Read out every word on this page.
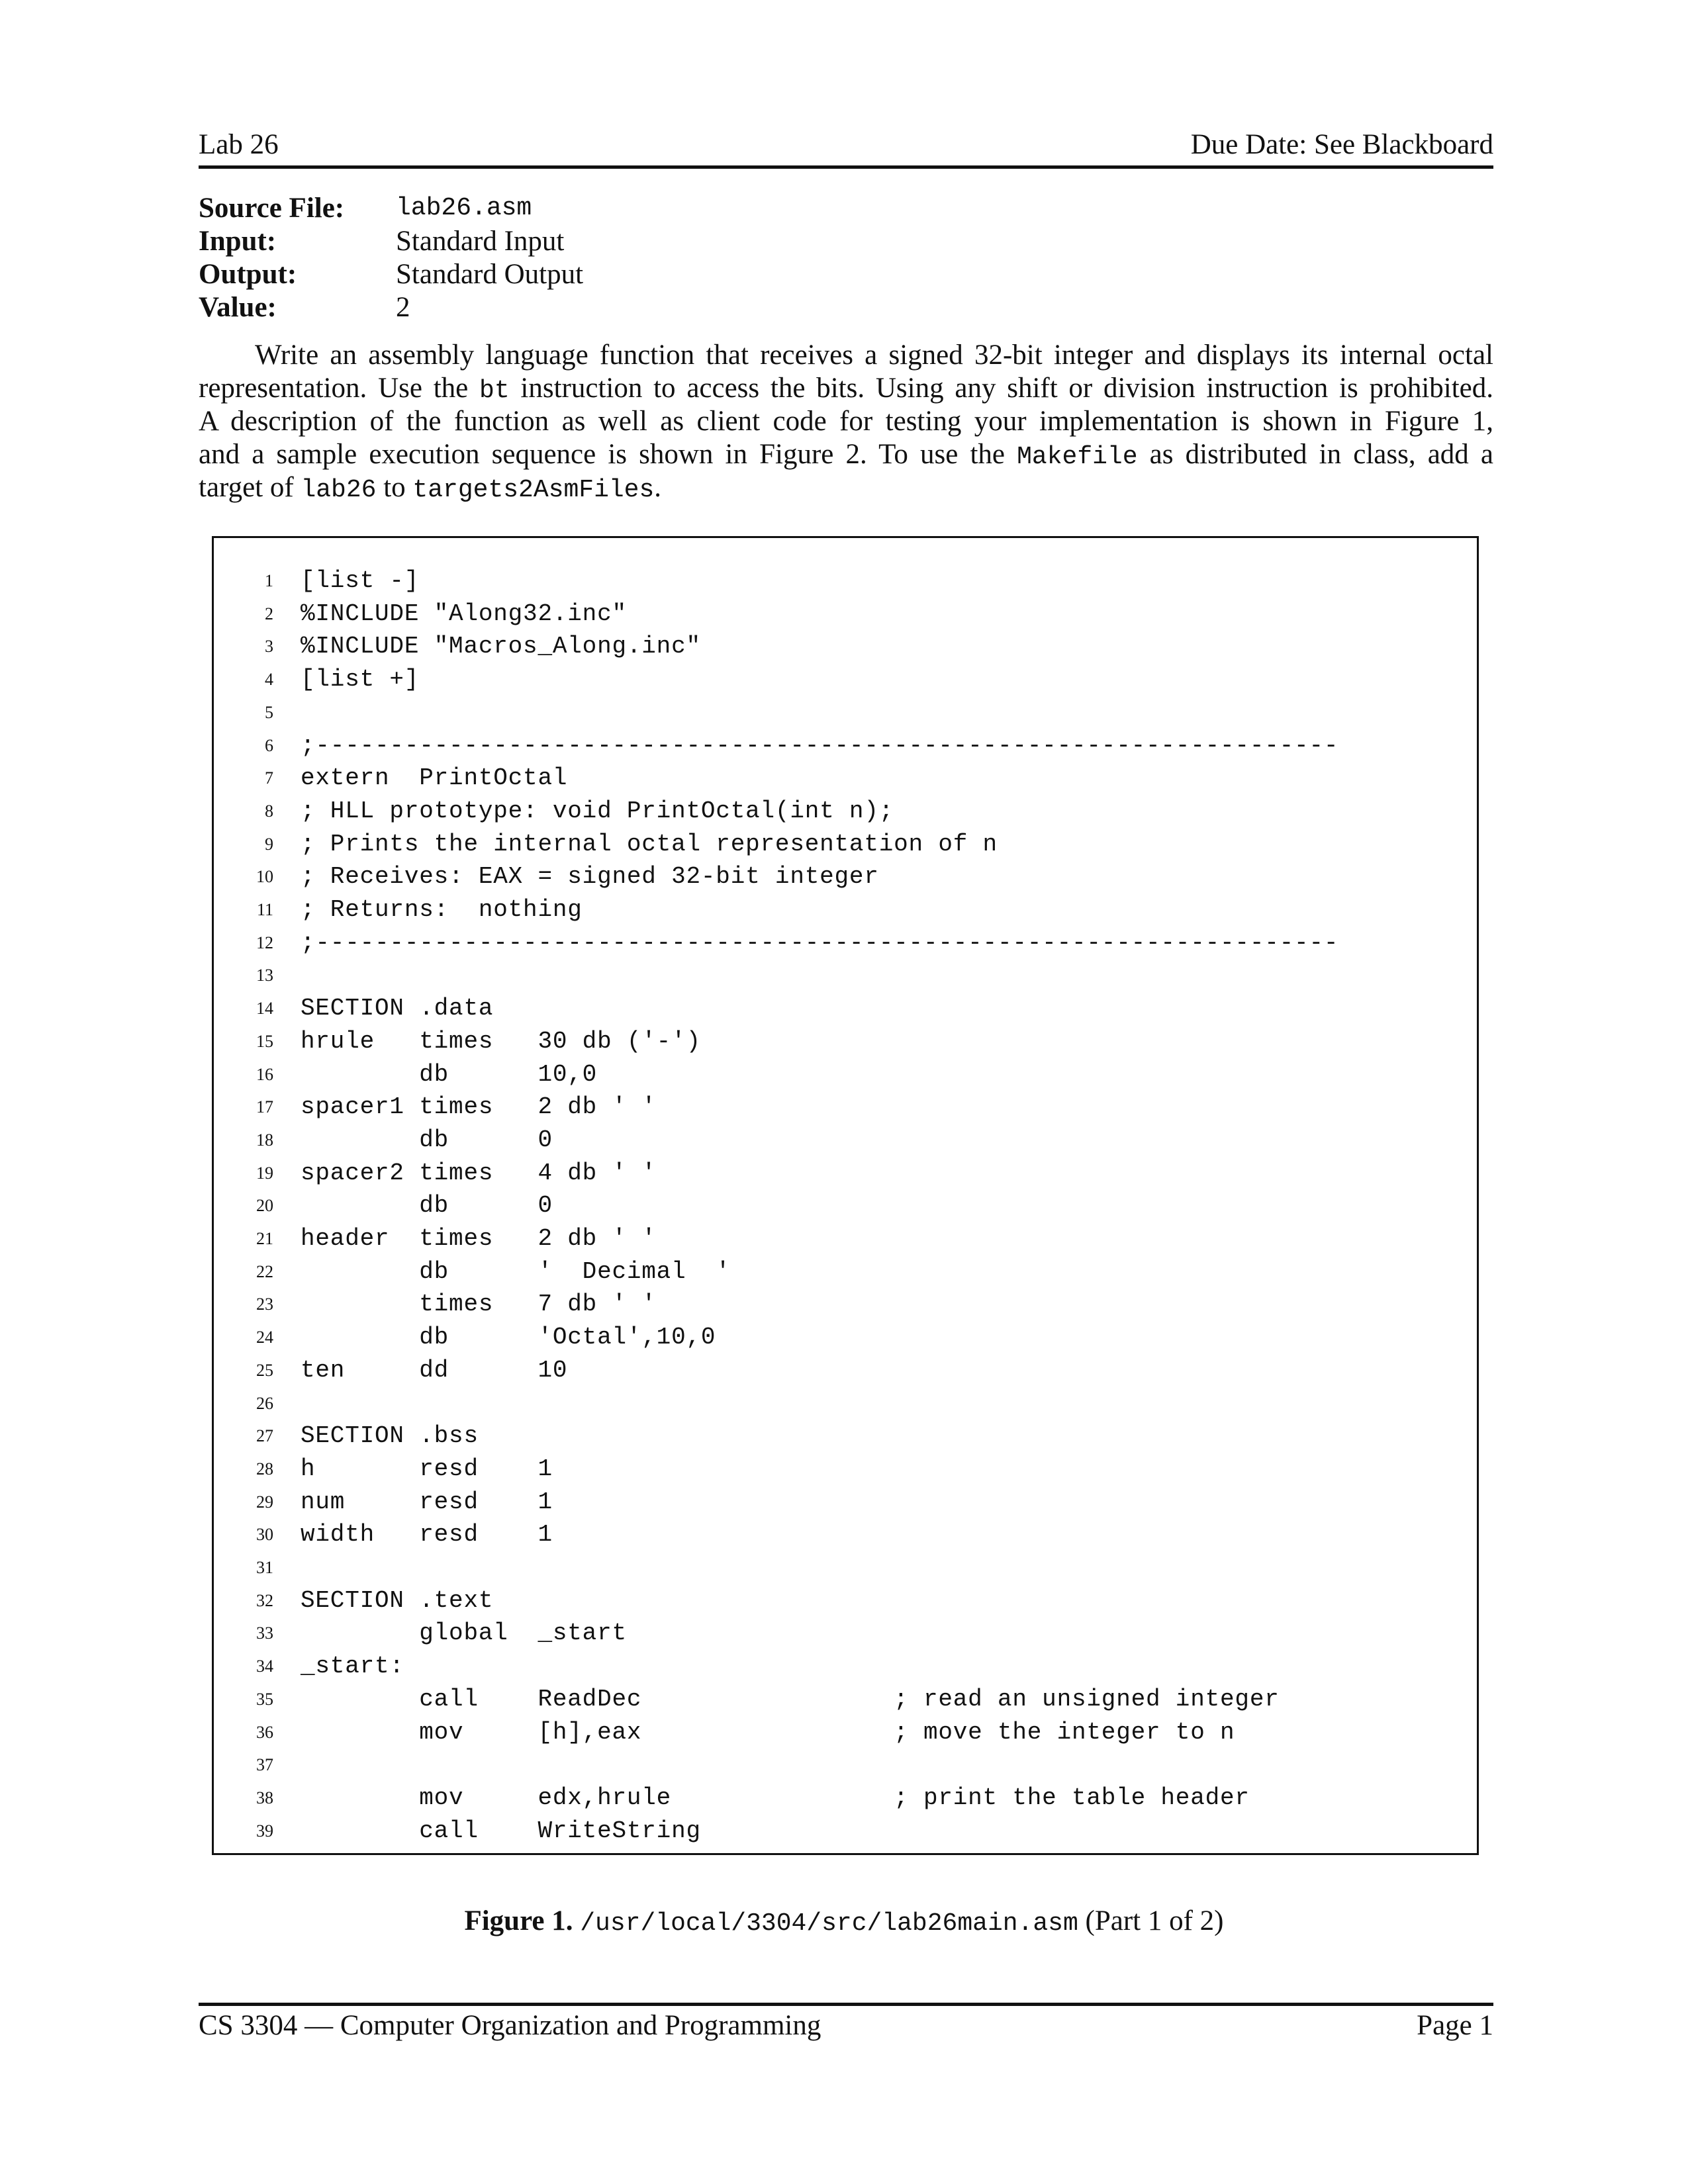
Lab 26	Due Date: See Blackboard
Source File:	lab26.asm
Input:	Standard Input
Output:	Standard Output
Value:	2
Write an assembly language function that receives a signed 32-bit integer and displays its internal octal
representation. Use the bt instruction to access the bits. Using any shift or division instruction is prohibited.
A description of the function as well as client code for testing your implementation is shown in Figure 1,
and a sample execution sequence is shown in Figure 2. To use the Makefile as distributed in class, add a
target of lab26 to targets2AsmFiles.
1 [list -]
2 %INCLUDE "Along32.inc"
3 %INCLUDE "Macros_Along.inc"
4 [list +]
5
6 ;---------------------------------------------------------------------
7 extern  PrintOctal
8 ; HLL prototype: void PrintOctal(int n);
9 ; Prints the internal octal representation of n
10 ; Receives: EAX = signed 32-bit integer
11 ; Returns:  nothing
12 ;---------------------------------------------------------------------
13
14 SECTION .data
15 hrule   times   30 db ('-')
16 db      10,0
17 spacer1 times   2 db ' '
18 db      0
19 spacer2 times   4 db ' '
20 db      0
21 header  times   2 db ' '
22 db      '  Decimal  '
23 times   7 db ' '
24 db      'Octal',10,0
25 ten     dd      10
26
27 SECTION .bss
28 h       resd    1
29 num     resd    1
30 width   resd    1
31
32 SECTION .text
33 global  _start
34 _start:
35 call    ReadDec                 ; read an unsigned integer
36 mov     [h],eax                 ; move the integer to n
37
38 mov     edx,hrule               ; print the table header
39 call    WriteString
Figure 1. /usr/local/3304/src/lab26main.asm (Part 1 of 2)
CS 3304 — Computer Organization and Programming	Page 1
